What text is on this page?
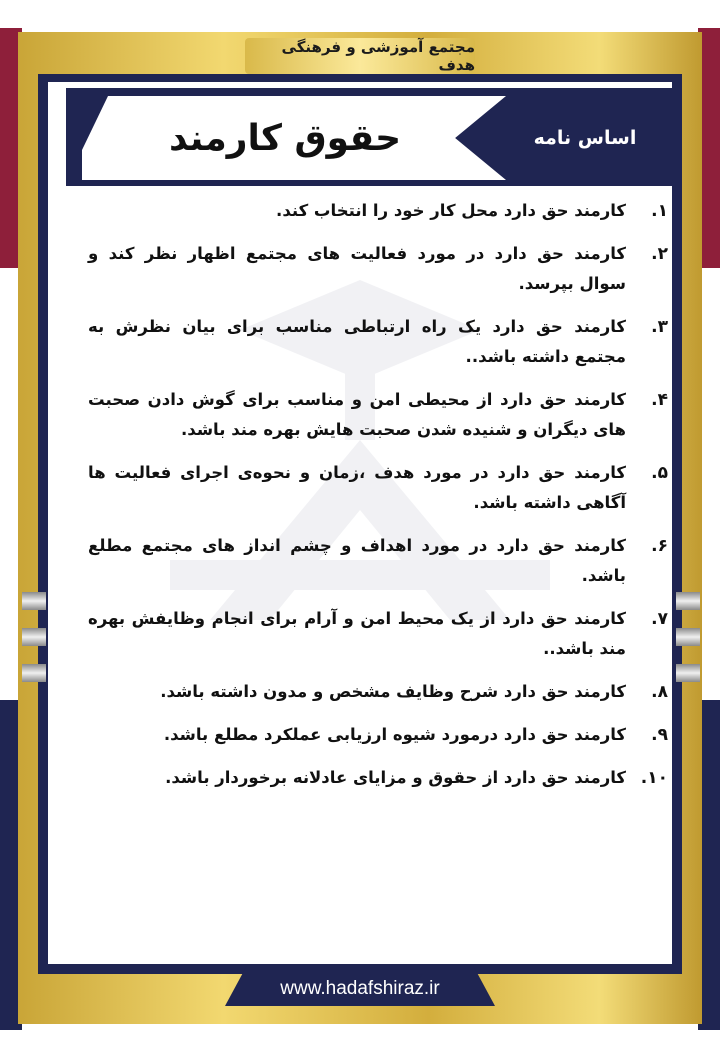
مجتمع آموزشی و فرهنگی هدف
حقوق کارمند	اساس نامه
۱.
کارمند حق دارد محل کار خود را انتخاب کند.
۲.
کارمند حق دارد در مورد فعالیت های مجتمع اظهار نظر کند و سوال بپرسد.
۳.
کارمند حق دارد یک راه ارتباطی مناسب برای بیان نظرش به مجتمع داشته باشد..
۴.
کارمند حق دارد از محیطی امن و مناسب برای گوش دادن صحبت های دیگران و شنیده شدن صحبت هایش بهره مند باشد.
۵.
کارمند حق دارد در مورد هدف ،زمان و نحوه‌ی اجرای فعالیت ها آگاهی داشته باشد.
۶.
کارمند حق دارد در مورد اهداف و چشم انداز های مجتمع مطلع باشد.
۷.
کارمند حق دارد از یک محیط امن و آرام برای انجام وظایفش بهره مند باشد..
۸.
کارمند حق دارد شرح وظایف مشخص و مدون داشته باشد.
۹.
کارمند حق دارد درمورد شیوه ارزیابی عملکرد مطلع باشد.
۱۰.
کارمند حق دارد از حقوق و مزایای عادلانه برخوردار باشد.
www.hadafshiraz.ir
